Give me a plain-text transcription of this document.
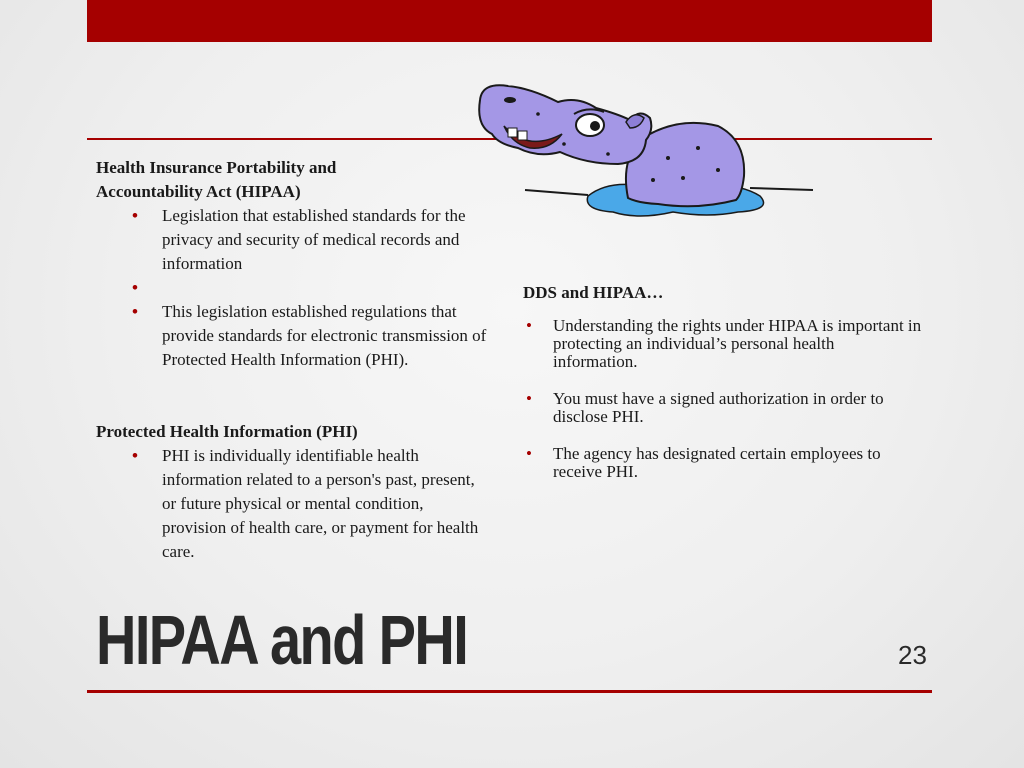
Health Insurance Portability and
Accountability Act (HIPAA)

• Legislation that established standards for the privacy and security of medical records and information
•
• This legislation established regulations that provide standards for electronic transmission of Protected Health Information (PHI).

Protected Health Information (PHI)

• PHI is individually identifiable health information related to a person's past, present, or future physical or mental condition, provision of health care, or payment for health care.

DDS and HIPAA…

• Understanding the rights under HIPAA is important in protecting an individual’s personal health information.
• You must have a signed authorization in order to disclose PHI.
• The agency has designated certain employees to receive PHI.
HIPAA and PHI	23
